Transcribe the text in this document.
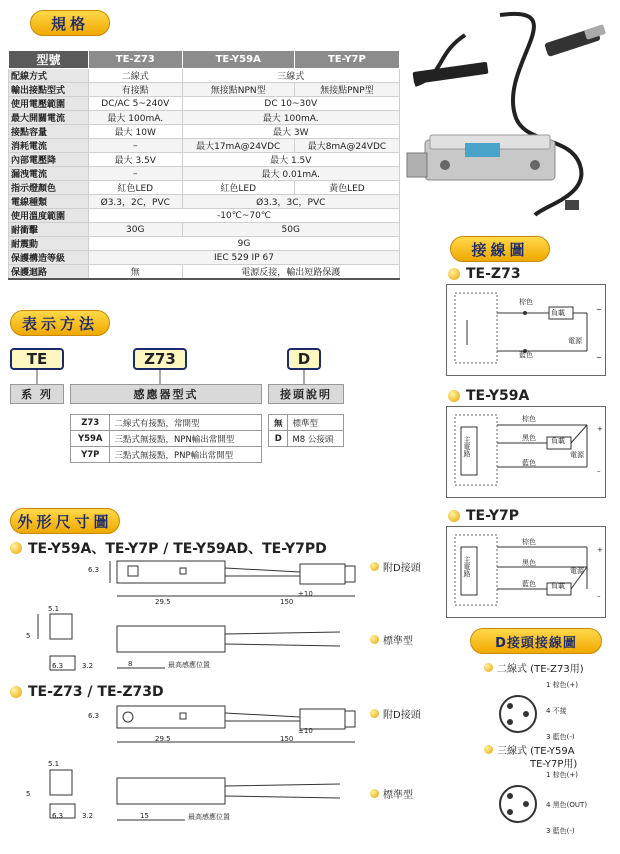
規格
型號	TE-Z73	TE-Y59A	TE-Y7P
配線方式	二線式	三線式	
輸出接點型式	有接點	無接點NPN型	無接點PNP型
使用電壓範圍	DC/AC 5~240V	DC 10~30V	
最大開關電流	最大 100mA.	最大 100mA.	
接點容量	最大 10W	最大 3W	
消耗電流	–	最大17mA@24VDC	最大8mA@24VDC
內部電壓降	最大 3.5V	最大 1.5V	
漏洩電流	–	最大 0.01mA.	
指示燈顏色	紅色LED	紅色LED	黃色LED
電線種類	Ø3.3，2C，PVC	Ø3.3，3C，PVC	
使用溫度範圍	-10℃~70℃		
耐衝擊	30G	50G	
耐震動	9G		
保護構造等級	IEC 529 IP 67		
保護迴路	無	電源反接，輸出短路保護	
表示方法
TE	Z73	D
系 列	感應器型式	接頭說明
Z73	二線式有接點，常開型
Y59A	三點式無接點，NPN輸出常開型
Y7P	三點式無接點，PNP輸出常開型
無	標準型
D	M8 公接頭
外形尺寸圖
TE-Y59A、TE-Y7P / TE-Y59AD、TE-Y7PD
6.3
29.5	150
±10
5.1
5
6.3	3.2	8	最高感應位置
附D接頭
標準型
TE-Z73 / TE-Z73D
6.3
29.5	150
±10
5.1
5
6.3	3.2	15	最高感應位置
附D接頭
標準型
接線圖
TE-Z73
棕色
負載
電源
藍色
~
~
TE-Y59A
主電路
棕色
黑色 負載
藍色
電源
+
–
TE-Y7P
主電路
棕色
黑色
藍色 負載
電源
+
–
D接頭接線圖
二線式 (TE-Z73用)
1 棕色(+)
4 不接
3 藍色(-)
三線式 (TE-Y59A
TE-Y7P用)
1 棕色(+)
4 黑色(OUT)
3 藍色(-)
